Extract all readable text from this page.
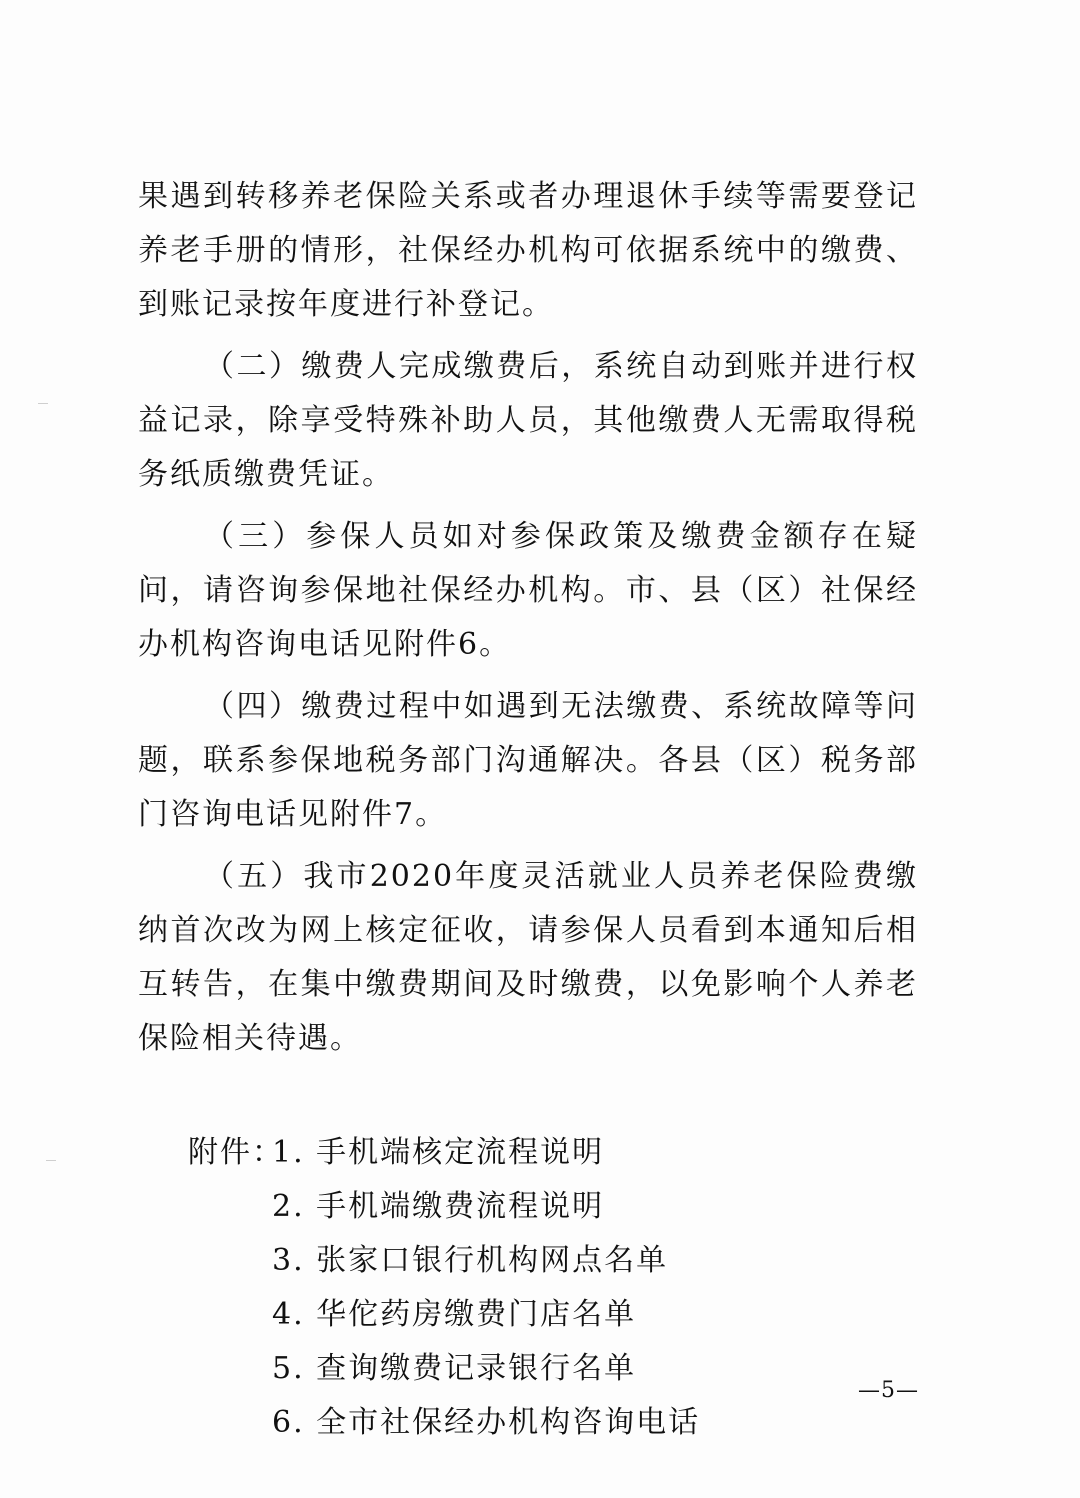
果遇到转移养老保险关系或者办理退休手续等需要登记养老手册的情形，社保经办机构可依据系统中的缴费、到账记录按年度进行补登记。

（二）缴费人完成缴费后，系统自动到账并进行权益记录，除享受特殊补助人员，其他缴费人无需取得税务纸质缴费凭证。

（三）参保人员如对参保政策及缴费金额存在疑问，请咨询参保地社保经办机构。市、县（区）社保经办机构咨询电话见附件6。

（四）缴费过程中如遇到无法缴费、系统故障等问题，联系参保地税务部门沟通解决。各县（区）税务部门咨询电话见附件7。

（五）我市2020年度灵活就业人员养老保险费缴纳首次改为网上核定征收，请参保人员看到本通知后相互转告，在集中缴费期间及时缴费，以免影响个人养老保险相关待遇。

附件：
1. 手机端核定流程说明
2. 手机端缴费流程说明
3. 张家口银行机构网点名单
4. 华佗药房缴费门店名单
5. 查询缴费记录银行名单
6. 全市社保经办机构咨询电话
—5—
